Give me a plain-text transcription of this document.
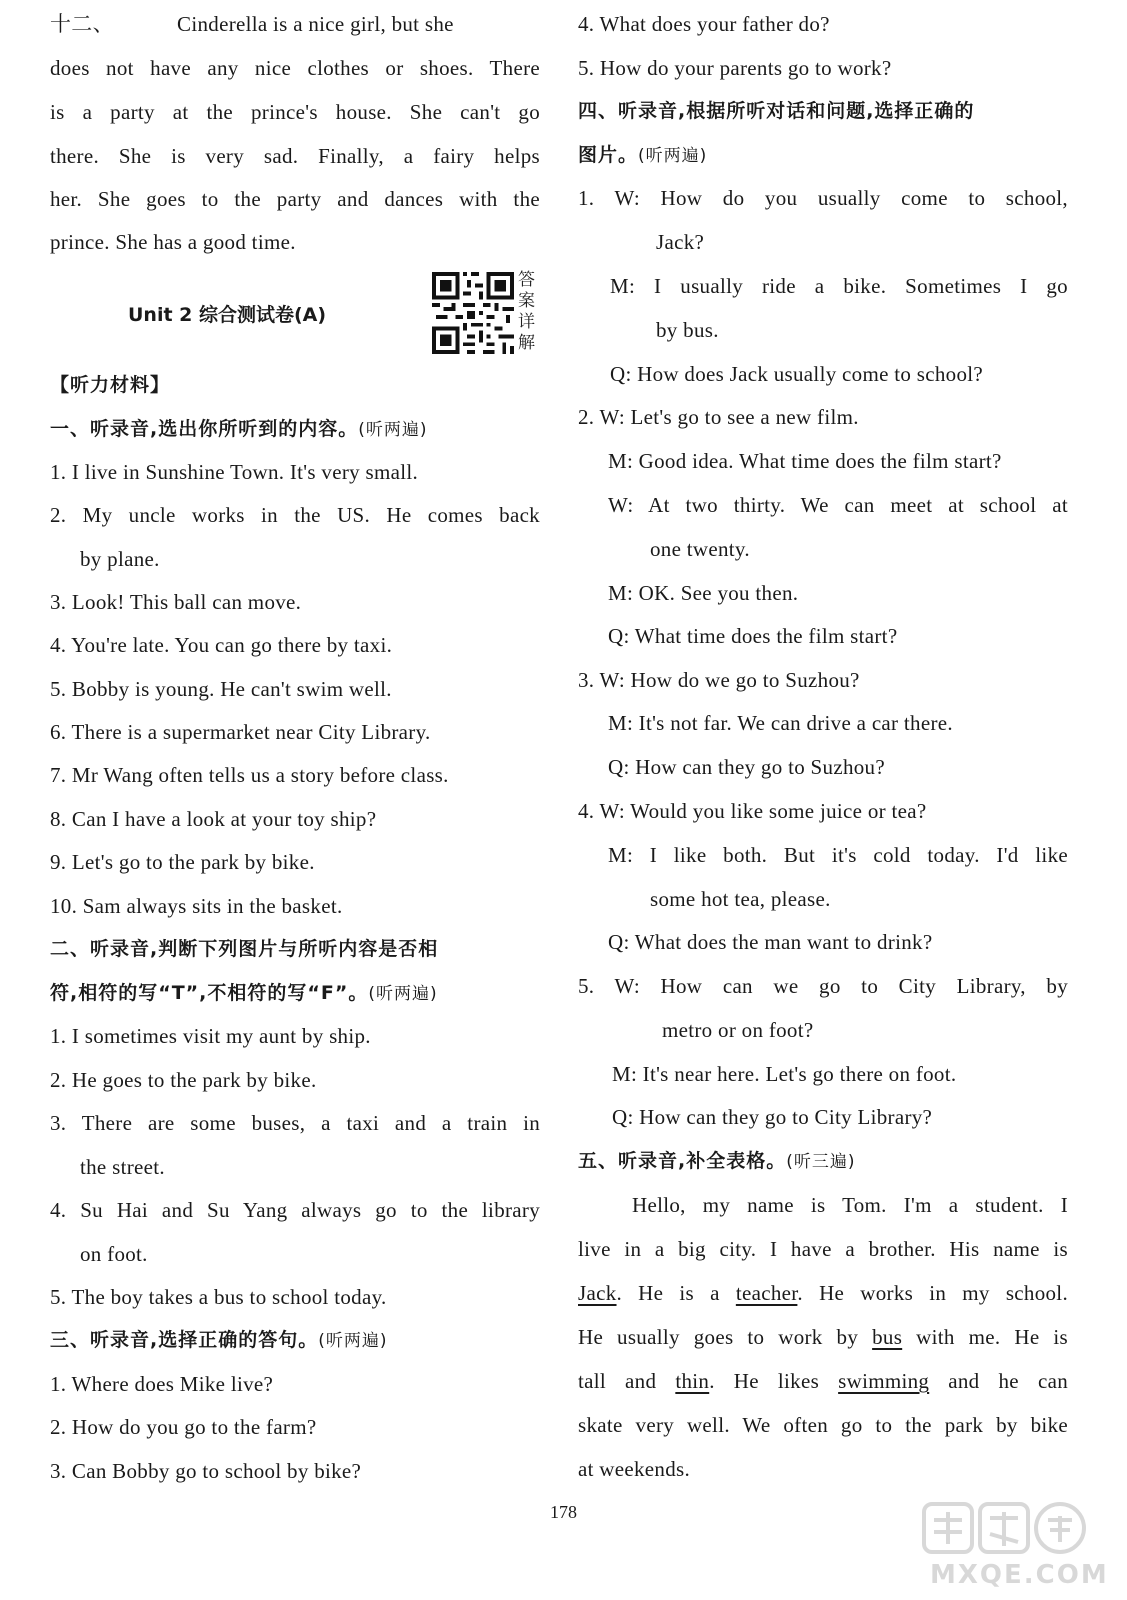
十二、	Cinderella is a nice girl, but she
does not have any nice clothes or shoes. There
is a party at the prince's house. She can't go
there. She is very sad. Finally, a fairy helps
her. She goes to the party and dances with the
prince. She has a good time.
Unit 2 综合测试卷(A)
答案详解
【听力材料】
一、听录音,选出你所听到的内容。(听两遍)
1. I live in Sunshine Town. It's very small.
2. My uncle works in the US. He comes back
by plane.
3. Look! This ball can move.
4. You're late. You can go there by taxi.
5. Bobby is young. He can't swim well.
6. There is a supermarket near City Library.
7. Mr Wang often tells us a story before class.
8. Can I have a look at your toy ship?
9. Let's go to the park by bike.
10. Sam always sits in the basket.
二、听录音,判断下列图片与所听内容是否相
符,相符的写“T”,不相符的写“F”。(听两遍)
1. I sometimes visit my aunt by ship.
2. He goes to the park by bike.
3. There are some buses, a taxi and a train in
the street.
4. Su Hai and Su Yang always go to the library
on foot.
5. The boy takes a bus to school today.
三、听录音,选择正确的答句。(听两遍)
1. Where does Mike live?
2. How do you go to the farm?
3. Can Bobby go to school by bike?
4. What does your father do?
5. How do your parents go to work?
四、听录音,根据所听对话和问题,选择正确的
图片。(听两遍)
1. W: How do you usually come to school,
Jack?
M: I usually ride a bike. Sometimes I go
by bus.
Q: How does Jack usually come to school?
2. W: Let's go to see a new film.
M: Good idea. What time does the film start?
W: At two thirty. We can meet at school at
one twenty.
M: OK. See you then.
Q: What time does the film start?
3. W: How do we go to Suzhou?
M: It's not far. We can drive a car there.
Q: How can they go to Suzhou?
4. W: Would you like some juice or tea?
M: I like both. But it's cold today. I'd like
some hot tea, please.
Q: What does the man want to drink?
5. W: How can we go to City Library, by
metro or on foot?
M: It's near here. Let's go there on foot.
Q: How can they go to City Library?
五、听录音,补全表格。(听三遍)
Hello, my name is Tom. I'm a student. I
live in a big city. I have a brother. His name is
Jack. He is a teacher. He works in my school.
He usually goes to work by bus with me. He is
tall and thin. He likes swimming and he can
skate very well. We often go to the park by bike
at weekends.
178
MXQE.COM
